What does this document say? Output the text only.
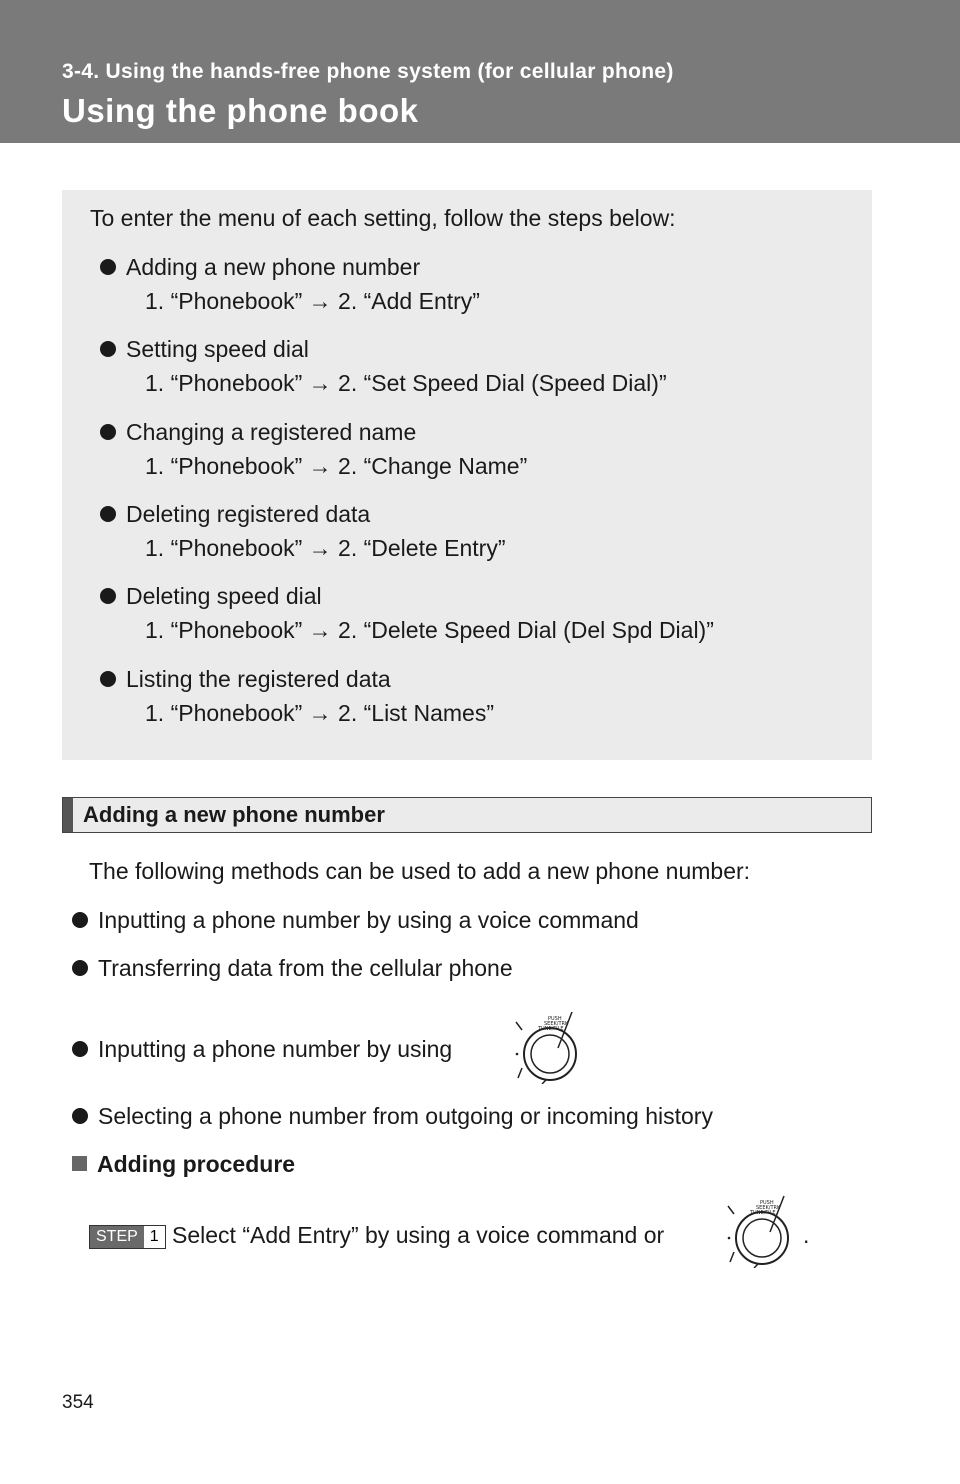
3-4. Using the hands-free phone system (for cellular phone)
Using the phone book
To enter the menu of each setting, follow the steps below:
Adding a new phone number
1. “Phonebook” → 2. “Add Entry”
Setting speed dial
1. “Phonebook” → 2. “Set Speed Dial (Speed Dial)”
Changing a registered name
1. “Phonebook” → 2. “Change Name”
Deleting registered data
1. “Phonebook” → 2. “Delete Entry”
Deleting speed dial
1. “Phonebook” → 2. “Delete Speed Dial (Del Spd Dial)”
Listing the registered data
1. “Phonebook” → 2. “List Names”
Adding a new phone number
The following methods can be used to add a new phone number:
Inputting a phone number by using a voice command
Transferring data from the cellular phone
Inputting a phone number by using
PUSH
SEEK/TRK
TUNE/FILE
Selecting a phone number from outgoing or incoming history
Adding procedure
STEP 1 Select “Add Entry” by using a voice command or
PUSH
SEEK/TRK
TUNE/FILE
.
354
